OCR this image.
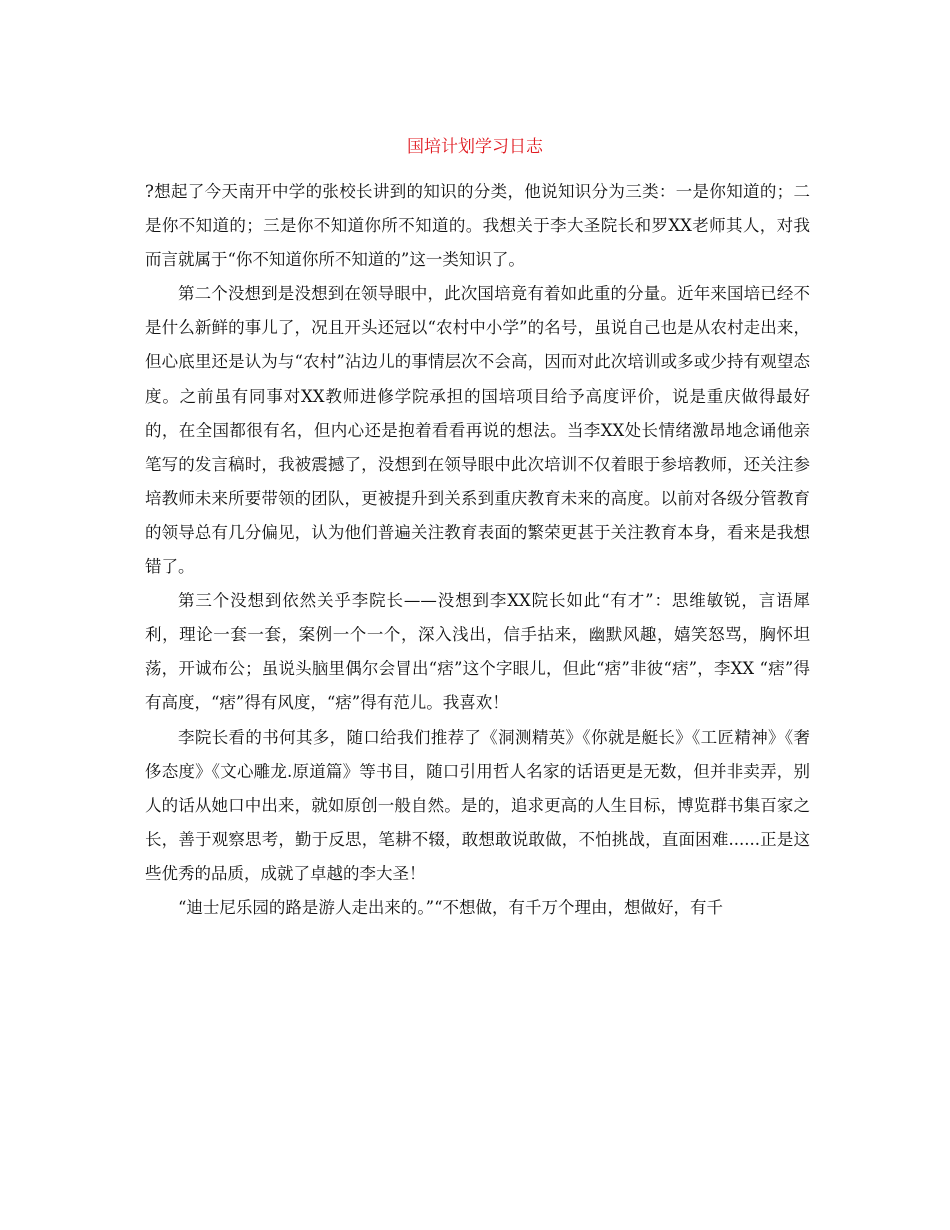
国培计划学习日志

?想起了今天南开中学的张校长讲到的知识的分类，他说知识分为三类：一是你知道的；二是你不知道的；三是你不知道你所不知道的。我想关于李大圣院长和罗XX老师其人，对我而言就属于“你不知道你所不知道的”这一类知识了。

第二个没想到是没想到在领导眼中，此次国培竟有着如此重的分量。近年来国培已经不是什么新鲜的事儿了，况且开头还冠以“农村中小学”的名号，虽说自己也是从农村走出来，但心底里还是认为与“农村”沾边儿的事情层次不会高，因而对此次培训或多或少持有观望态度。之前虽有同事对XX教师进修学院承担的国培项目给予高度评价，说是重庆做得最好的，在全国都很有名，但内心还是抱着看看再说的想法。当李XX处长情绪激昂地念诵他亲笔写的发言稿时，我被震撼了，没想到在领导眼中此次培训不仅着眼于参培教师，还关注参培教师未来所要带领的团队，更被提升到关系到重庆教育未来的高度。以前对各级分管教育的领导总有几分偏见，认为他们普遍关注教育表面的繁荣更甚于关注教育本身，看来是我想错了。

第三个没想到依然关乎李院长——没想到李XX院长如此“有才”：思维敏锐，言语犀利，理论一套一套，案例一个一个，深入浅出，信手拈来，幽默风趣，嬉笑怒骂，胸怀坦荡，开诚布公；虽说头脑里偶尔会冒出“痞”这个字眼儿，但此“痞”非彼“痞”，李XX “痞”得有高度，“痞”得有风度，“痞”得有范儿。我喜欢！

李院长看的书何其多，随口给我们推荐了《洞测精英》《你就是艇长》《工匠精神》《奢侈态度》《文心雕龙.原道篇》等书目，随口引用哲人名家的话语更是无数，但并非卖弄，别人的话从她口中出来，就如原创一般自然。是的，追求更高的人生目标，博览群书集百家之长，善于观察思考，勤于反思，笔耕不辍，敢想敢说敢做，不怕挑战，直面困难......正是这些优秀的品质，成就了卓越的李大圣！

“迪士尼乐园的路是游人走出来的。”“不想做，有千万个理由，想做好，有千
